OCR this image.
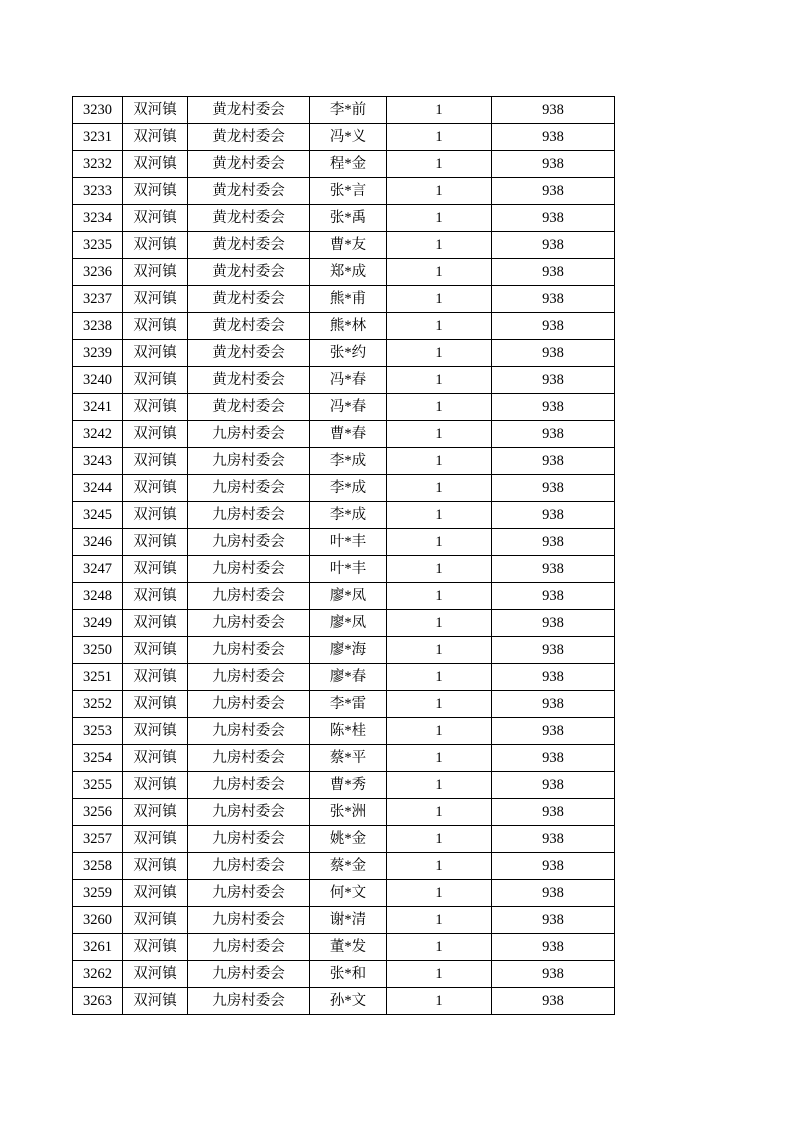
3230	双河镇	黄龙村委会	李*前	1	938
3231	双河镇	黄龙村委会	冯*义	1	938
3232	双河镇	黄龙村委会	程*金	1	938
3233	双河镇	黄龙村委会	张*言	1	938
3234	双河镇	黄龙村委会	张*禹	1	938
3235	双河镇	黄龙村委会	曹*友	1	938
3236	双河镇	黄龙村委会	郑*成	1	938
3237	双河镇	黄龙村委会	熊*甫	1	938
3238	双河镇	黄龙村委会	熊*林	1	938
3239	双河镇	黄龙村委会	张*约	1	938
3240	双河镇	黄龙村委会	冯*春	1	938
3241	双河镇	黄龙村委会	冯*春	1	938
3242	双河镇	九房村委会	曹*春	1	938
3243	双河镇	九房村委会	李*成	1	938
3244	双河镇	九房村委会	李*成	1	938
3245	双河镇	九房村委会	李*成	1	938
3246	双河镇	九房村委会	叶*丰	1	938
3247	双河镇	九房村委会	叶*丰	1	938
3248	双河镇	九房村委会	廖*凤	1	938
3249	双河镇	九房村委会	廖*凤	1	938
3250	双河镇	九房村委会	廖*海	1	938
3251	双河镇	九房村委会	廖*春	1	938
3252	双河镇	九房村委会	李*雷	1	938
3253	双河镇	九房村委会	陈*桂	1	938
3254	双河镇	九房村委会	蔡*平	1	938
3255	双河镇	九房村委会	曹*秀	1	938
3256	双河镇	九房村委会	张*洲	1	938
3257	双河镇	九房村委会	姚*金	1	938
3258	双河镇	九房村委会	蔡*金	1	938
3259	双河镇	九房村委会	何*文	1	938
3260	双河镇	九房村委会	谢*清	1	938
3261	双河镇	九房村委会	董*发	1	938
3262	双河镇	九房村委会	张*和	1	938
3263	双河镇	九房村委会	孙*文	1	938
